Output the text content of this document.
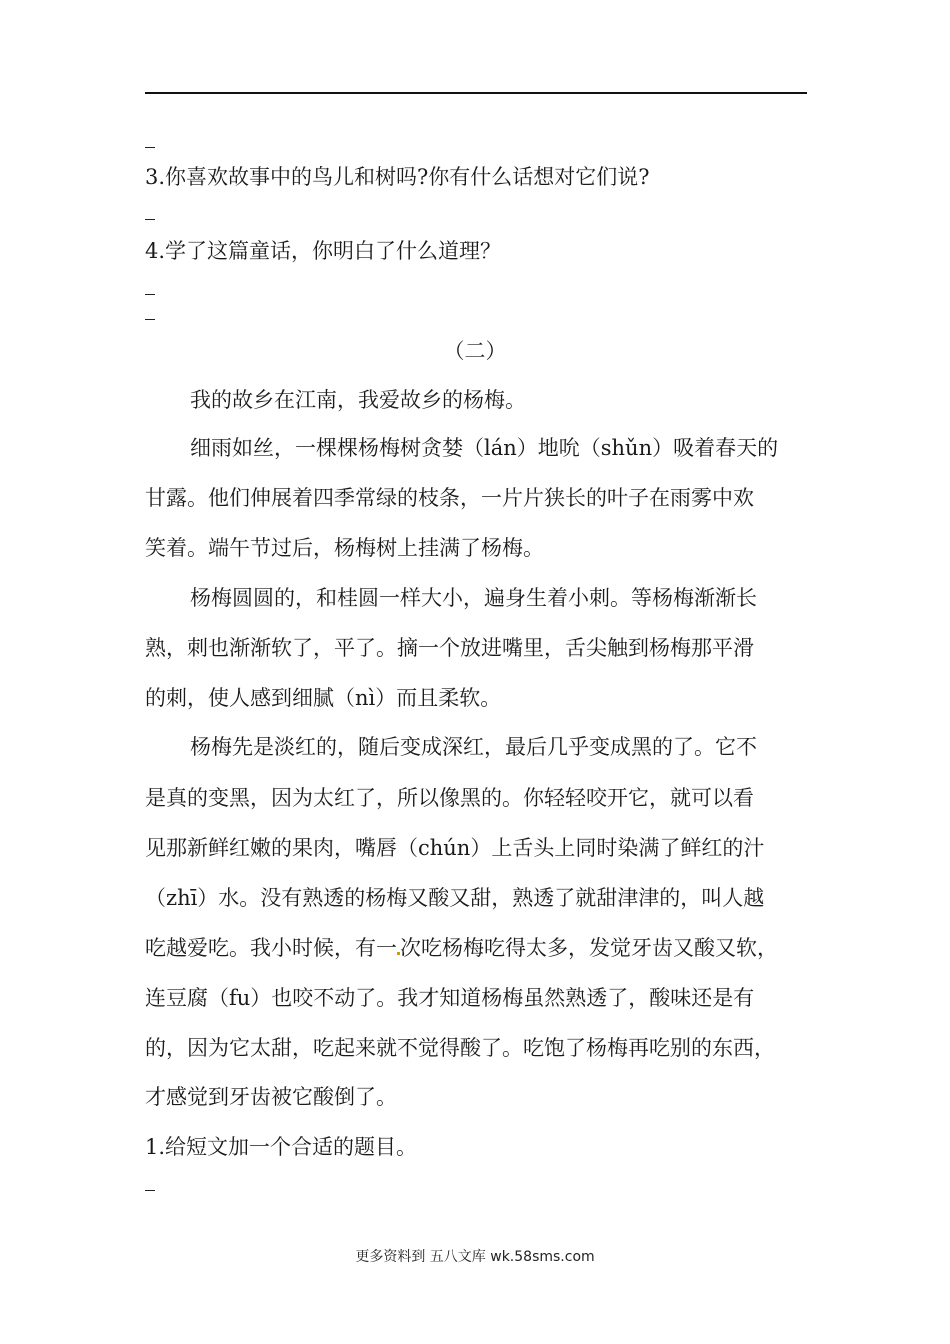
3.你喜欢故事中的鸟儿和树吗?你有什么话想对它们说?
4.学了这篇童话，你明白了什么道理？
（二）
我的故乡在江南，我爱故乡的杨梅。
细雨如丝，一棵棵杨梅树贪婪（lán）地吮（shǔn）吸着春天的
甘露。他们伸展着四季常绿的枝条，一片片狭长的叶子在雨雾中欢
笑着。端午节过后，杨梅树上挂满了杨梅。
杨梅圆圆的，和桂圆一样大小，遍身生着小刺。等杨梅渐渐长
熟，刺也渐渐软了，平了。摘一个放进嘴里，舌尖触到杨梅那平滑
的刺，使人感到细腻（nì）而且柔软。
杨梅先是淡红的，随后变成深红，最后几乎变成黑的了。它不
是真的变黑，因为太红了，所以像黑的。你轻轻咬开它，就可以看
见那新鲜红嫩的果肉，嘴唇（chún）上舌头上同时染满了鲜红的汁
（zhī）水。没有熟透的杨梅又酸又甜，熟透了就甜津津的，叫人越
吃越爱吃。我小时候，有一 次吃杨梅吃得太多，发觉牙齿又酸又软，
连豆腐（fu）也咬不动了。我才知道杨梅虽然熟透了，酸味还是有
的，因为它太甜，吃起来就不觉得酸了。吃饱了杨梅再吃别的东西，
才感觉到牙齿被它酸倒了。
1.给短文加一个合适的题目。
更多资料到 五八文库 wk.58sms.com
